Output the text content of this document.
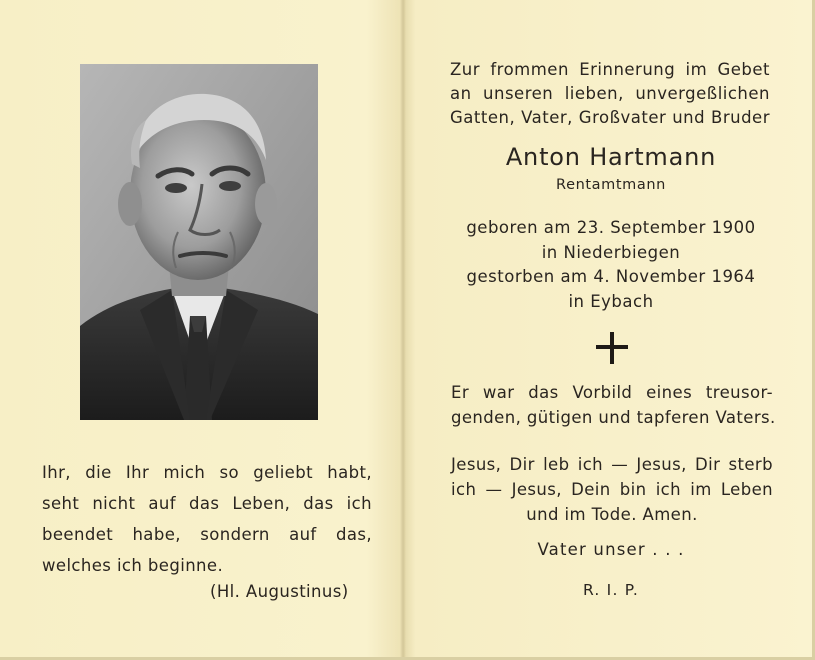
Ihr, die Ihr mich so geliebt habt,
seht nicht auf das Leben, das ich
beendet habe, sondern auf das,
welches ich beginne.
(Hl. Augustinus)
Zur frommen Erinnerung im Gebet
an unseren lieben, unvergeßlichen
Gatten, Vater, Großvater und Bruder
Anton Hartmann
Rentamtmann
geboren am 23. September 1900
in Niederbiegen
gestorben am 4. November 1964
in Eybach
Er war das Vorbild eines treusor-
genden, gütigen und tapferen Vaters.
Jesus, Dir leb ich — Jesus, Dir sterb
ich — Jesus, Dein bin ich im Leben
und im Tode. Amen.
Vater unser . . .
R. I. P.
